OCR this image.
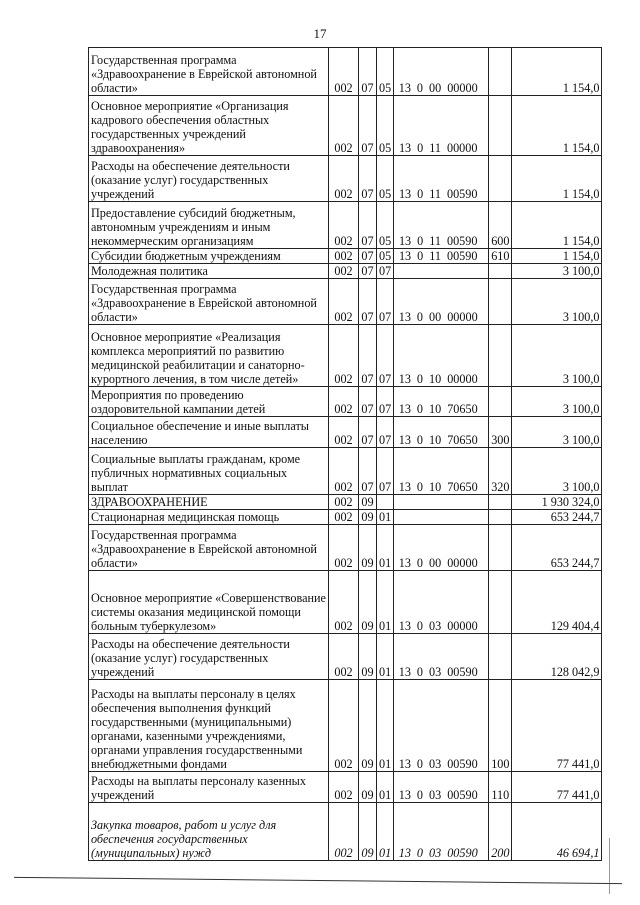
17
Государственная программа «Здравоохранение в Еврейской автономной области»	002	07	05	13 0 00 00000		1 154,0
Основное мероприятие «Организация кадрового обеспечения областных государственных учреждений здравоохранения»	002	07	05	13 0 11 00000		1 154,0
Расходы на обеспечение деятельности (оказание услуг) государственных учреждений	002	07	05	13 0 11 00590		1 154,0
Предоставление субсидий бюджетным, автономным учреждениям и иным некоммерческим организациям	002	07	05	13 0 11 00590	600	1 154,0
Субсидии бюджетным учреждениям	002	07	05	13 0 11 00590	610	1 154,0
Молодежная политика	002	07	07			3 100,0
Государственная программа «Здравоохранение в Еврейской автономной области»	002	07	07	13 0 00 00000		3 100,0
Основное мероприятие «Реализация комплекса мероприятий по развитию медицинской реабилитации и санаторно-курортного лечения, в том числе детей»	002	07	07	13 0 10 00000		3 100,0
Мероприятия по проведению оздоровительной кампании детей	002	07	07	13 0 10 70650		3 100,0
Социальное обеспечение и иные выплаты населению	002	07	07	13 0 10 70650	300	3 100,0
Социальные выплаты гражданам, кроме публичных нормативных социальных выплат	002	07	07	13 0 10 70650	320	3 100,0
ЗДРАВООХРАНЕНИЕ	002	09				1 930 324,0
Стационарная медицинская помощь	002	09	01			653 244,7
Государственная программа «Здравоохранение в Еврейской автономной области»	002	09	01	13 0 00 00000		653 244,7
Основное мероприятие «Совершенствование системы оказания медицинской помощи больным туберкулезом»	002	09	01	13 0 03 00000		129 404,4
Расходы на обеспечение деятельности (оказание услуг) государственных учреждений	002	09	01	13 0 03 00590		128 042,9
Расходы на выплаты персоналу в целях обеспечения выполнения функций государственными (муниципальными) органами, казенными учреждениями, органами управления государственными внебюджетными фондами	002	09	01	13 0 03 00590	100	77 441,0
Расходы на выплаты персоналу казенных учреждений	002	09	01	13 0 03 00590	110	77 441,0
Закупка товаров, работ и услуг для обеспечения государственных (муниципальных) нужд	002	09	01	13 0 03 00590	200	46 694,1
